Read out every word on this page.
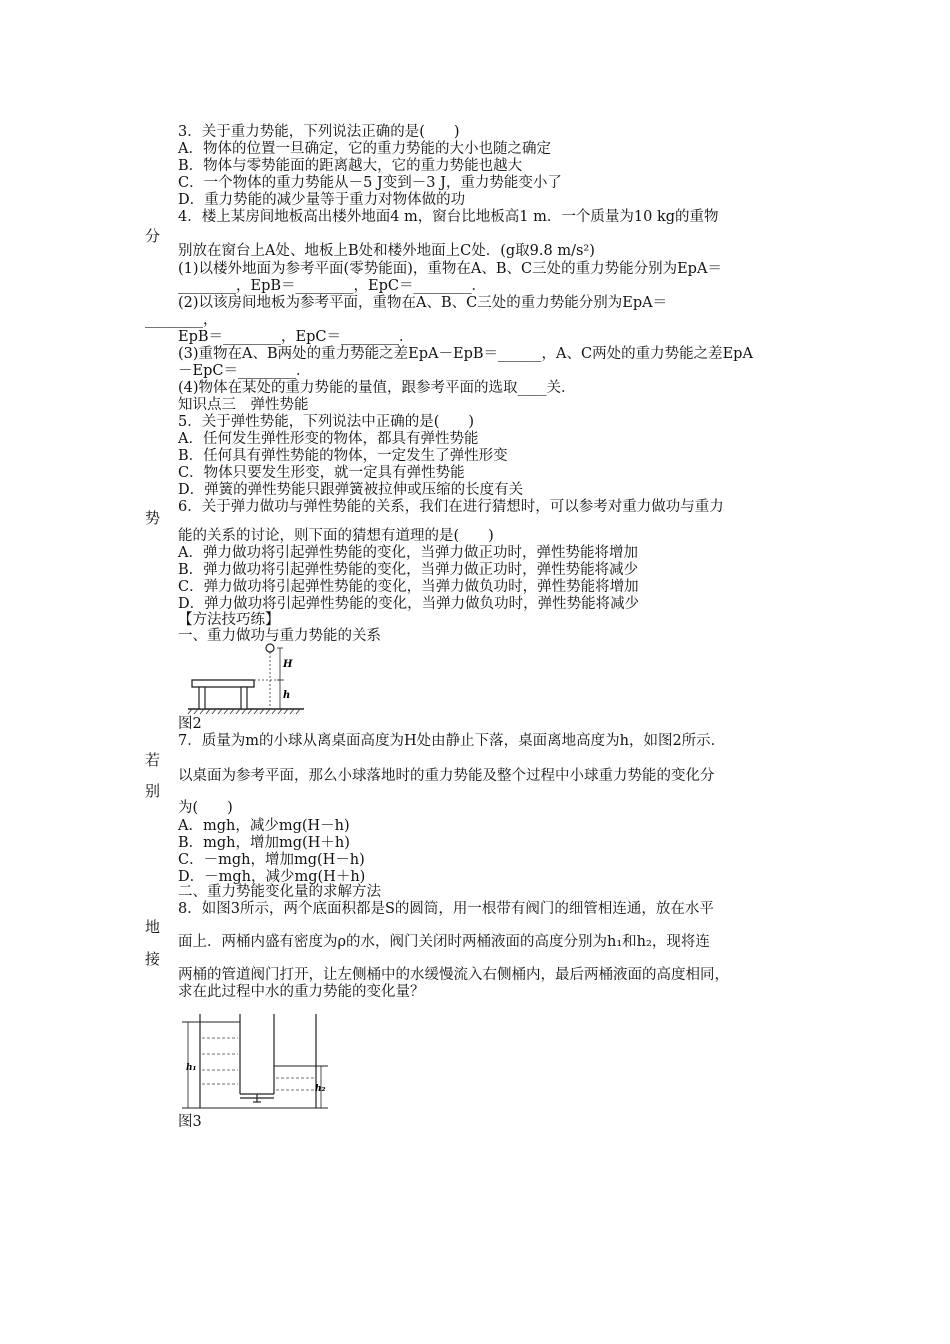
3．关于重力势能，下列说法正确的是(　　)
A．物体的位置一旦确定，它的重力势能的大小也随之确定
B．物体与零势能面的距离越大，它的重力势能也越大
C．一个物体的重力势能从－5 J变到－3 J，重力势能变小了
D．重力势能的减少量等于重力对物体做的功
4．楼上某房间地板高出楼外地面4 m，窗台比地板高1 m．一个质量为10 kg的重物
分
别放在窗台上A处、地板上B处和楼外地面上C处．(g取9.8 m/s²)
(1)以楼外地面为参考平面(零势能面)，重物在A、B、C三处的重力势能分别为EpA＝
________，EpB＝________，EpC＝________．
(2)以该房间地板为参考平面，重物在A、B、C三处的重力势能分别为EpA＝
________，
EpB＝________，EpC＝________．
(3)重物在A、B两处的重力势能之差EpA－EpB＝______，A、C两处的重力势能之差EpA
－EpC＝________．
(4)物体在某处的重力势能的量值，跟参考平面的选取____关．
知识点三　弹性势能
5．关于弹性势能，下列说法中正确的是(　　)
A．任何发生弹性形变的物体，都具有弹性势能
B．任何具有弹性势能的物体，一定发生了弹性形变
C．物体只要发生形变，就一定具有弹性势能
D．弹簧的弹性势能只跟弹簧被拉伸或压缩的长度有关
6．关于弹力做功与弹性势能的关系，我们在进行猜想时，可以参考对重力做功与重力
势
能的关系的讨论，则下面的猜想有道理的是(　　)
A．弹力做功将引起弹性势能的变化，当弹力做正功时，弹性势能将增加
B．弹力做功将引起弹性势能的变化，当弹力做正功时，弹性势能将减少
C．弹力做功将引起弹性势能的变化，当弹力做负功时，弹性势能将增加
D．弹力做功将引起弹性势能的变化，当弹力做负功时，弹性势能将减少
【方法技巧练】
一、重力做功与重力势能的关系
H
h
图2
7．质量为m的小球从离桌面高度为H处由静止下落，桌面离地高度为h，如图2所示．
若
以桌面为参考平面，那么小球落地时的重力势能及整个过程中小球重力势能的变化分
别
为(　　)
A．mgh，减少mg(H－h)
B．mgh，增加mg(H＋h)
C．－mgh，增加mg(H－h)
D．－mgh，减少mg(H＋h)
二、重力势能变化量的求解方法
8．如图3所示，两个底面积都是S的圆筒，用一根带有阀门的细管相连通，放在水平
地
面上．两桶内盛有密度为ρ的水，阀门关闭时两桶液面的高度分别为h₁和h₂，现将连
接
两桶的管道阀门打开，让左侧桶中的水缓慢流入右侧桶内，最后两桶液面的高度相同，
求在此过程中水的重力势能的变化量？
h₁
h₂
图3
